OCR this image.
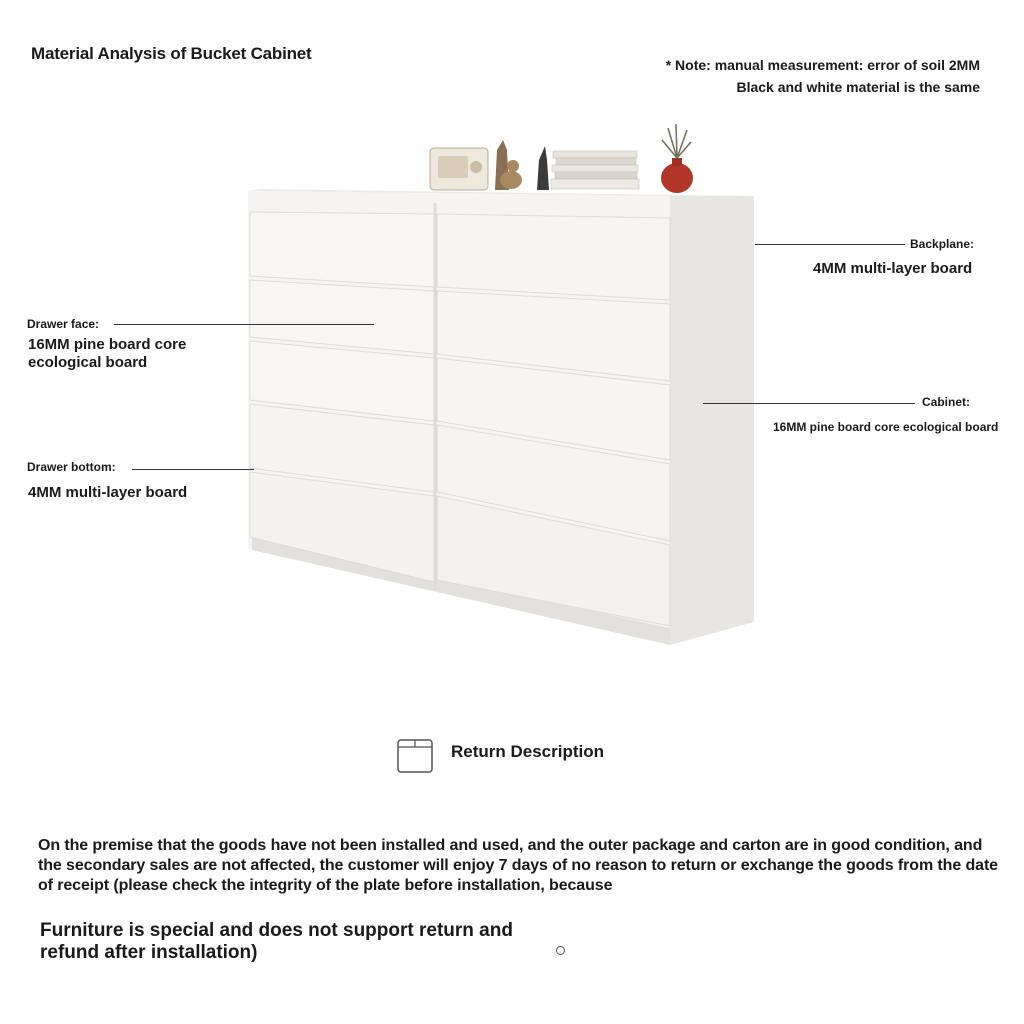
Material Analysis of Bucket Cabinet
* Note: manual measurement: error of soil 2MM
Black and white material is the same
Drawer face:
16MM pine board core
ecological board
Drawer bottom:
4MM multi-layer board
Backplane:
4MM multi-layer board
Cabinet:
16MM pine board core ecological board
Return Description
On the premise that the goods have not been installed and used, and the outer package and carton are in good condition, and the secondary sales are not affected, the customer will enjoy 7 days of no reason to return or exchange the goods from the date of receipt (please check the integrity of the plate before installation, because
Furniture is special and does not support return and
refund after installation)
